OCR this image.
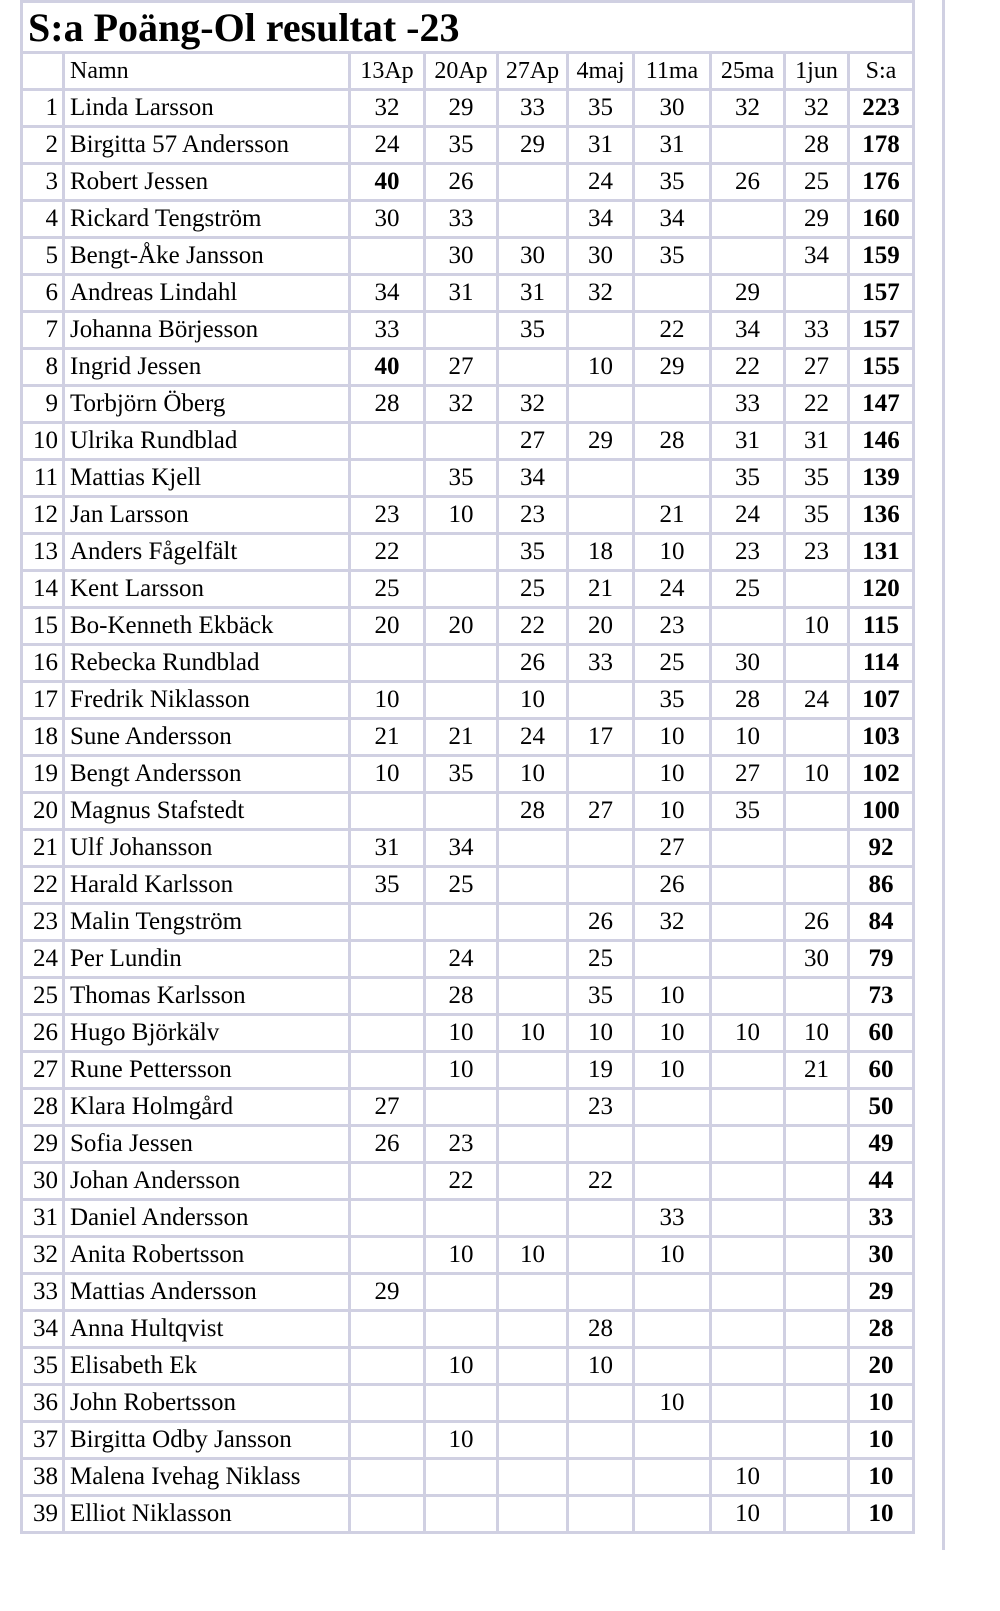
S:a Poäng-Ol resultat -23									
	Namn	13Ap	20Ap	27Ap	4maj	11ma	25ma	1jun	S:a
1	Linda Larsson	32	29	33	35	30	32	32	223
2	Birgitta 57 Andersson	24	35	29	31	31		28	178
3	Robert Jessen	40	26		24	35	26	25	176
4	Rickard Tengström	30	33		34	34		29	160
5	Bengt-Åke Jansson		30	30	30	35		34	159
6	Andreas Lindahl	34	31	31	32		29		157
7	Johanna Börjesson	33		35		22	34	33	157
8	Ingrid Jessen	40	27		10	29	22	27	155
9	Torbjörn Öberg	28	32	32			33	22	147
10	Ulrika Rundblad			27	29	28	31	31	146
11	Mattias Kjell		35	34			35	35	139
12	Jan Larsson	23	10	23		21	24	35	136
13	Anders Fågelfält	22		35	18	10	23	23	131
14	Kent Larsson	25		25	21	24	25		120
15	Bo-Kenneth Ekbäck	20	20	22	20	23		10	115
16	Rebecka Rundblad			26	33	25	30		114
17	Fredrik Niklasson	10		10		35	28	24	107
18	Sune Andersson	21	21	24	17	10	10		103
19	Bengt Andersson	10	35	10		10	27	10	102
20	Magnus Stafstedt			28	27	10	35		100
21	Ulf Johansson	31	34			27			92
22	Harald Karlsson	35	25			26			86
23	Malin Tengström				26	32		26	84
24	Per Lundin		24		25			30	79
25	Thomas Karlsson		28		35	10			73
26	Hugo Björkälv		10	10	10	10	10	10	60
27	Rune Pettersson		10		19	10		21	60
28	Klara Holmgård	27			23				50
29	Sofia Jessen	26	23						49
30	Johan Andersson		22		22				44
31	Daniel Andersson					33			33
32	Anita Robertsson		10	10		10			30
33	Mattias Andersson	29							29
34	Anna Hultqvist				28				28
35	Elisabeth Ek		10		10				20
36	John Robertsson					10			10
37	Birgitta Odby Jansson		10						10
38	Malena Ivehag Niklass						10		10
39	Elliot Niklasson						10		10
